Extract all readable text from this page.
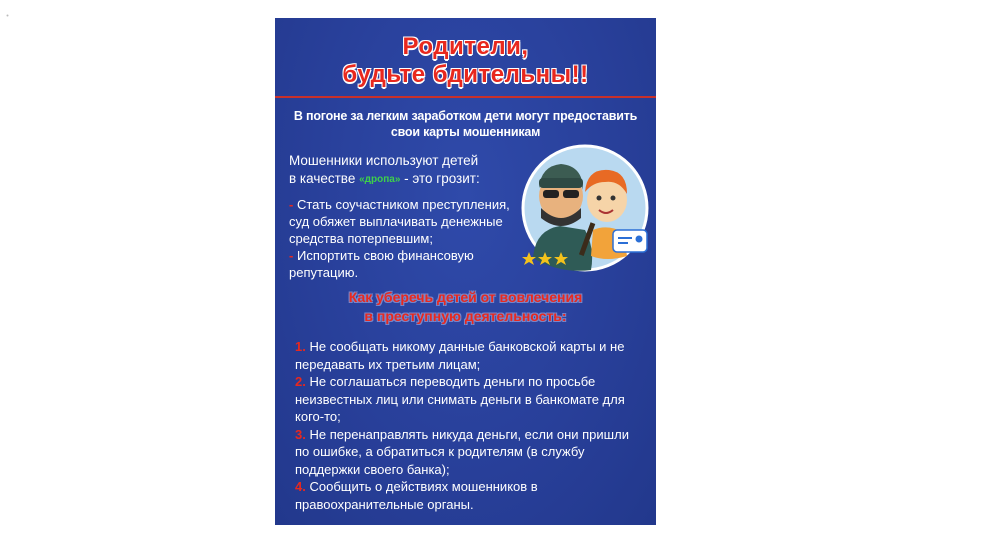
Родители,
будьте бдительны!!
В погоне за легким заработком дети могут предоставить
свои карты мошенникам
Мошенники используют детей
в качестве «дропа» - это грозит:
- Стать соучастником преступления,
суд обяжет выплачивать денежные
средства потерпевшим;
- Испортить свою финансовую
репутацию.
Как уберечь детей от вовлечения
в преступную деятельность:

1. Не сообщать никому данные банковской карты и не передавать их третьим лицам;

2. Не соглашаться переводить деньги по просьбе неизвестных лиц или снимать деньги в банкомате для кого-то;

3. Не перенаправлять никуда деньги, если они пришли по ошибке, а обратиться к родителям (в службу поддержки своего банка);

4. Сообщить о действиях мошенников в правоохранительные органы.
